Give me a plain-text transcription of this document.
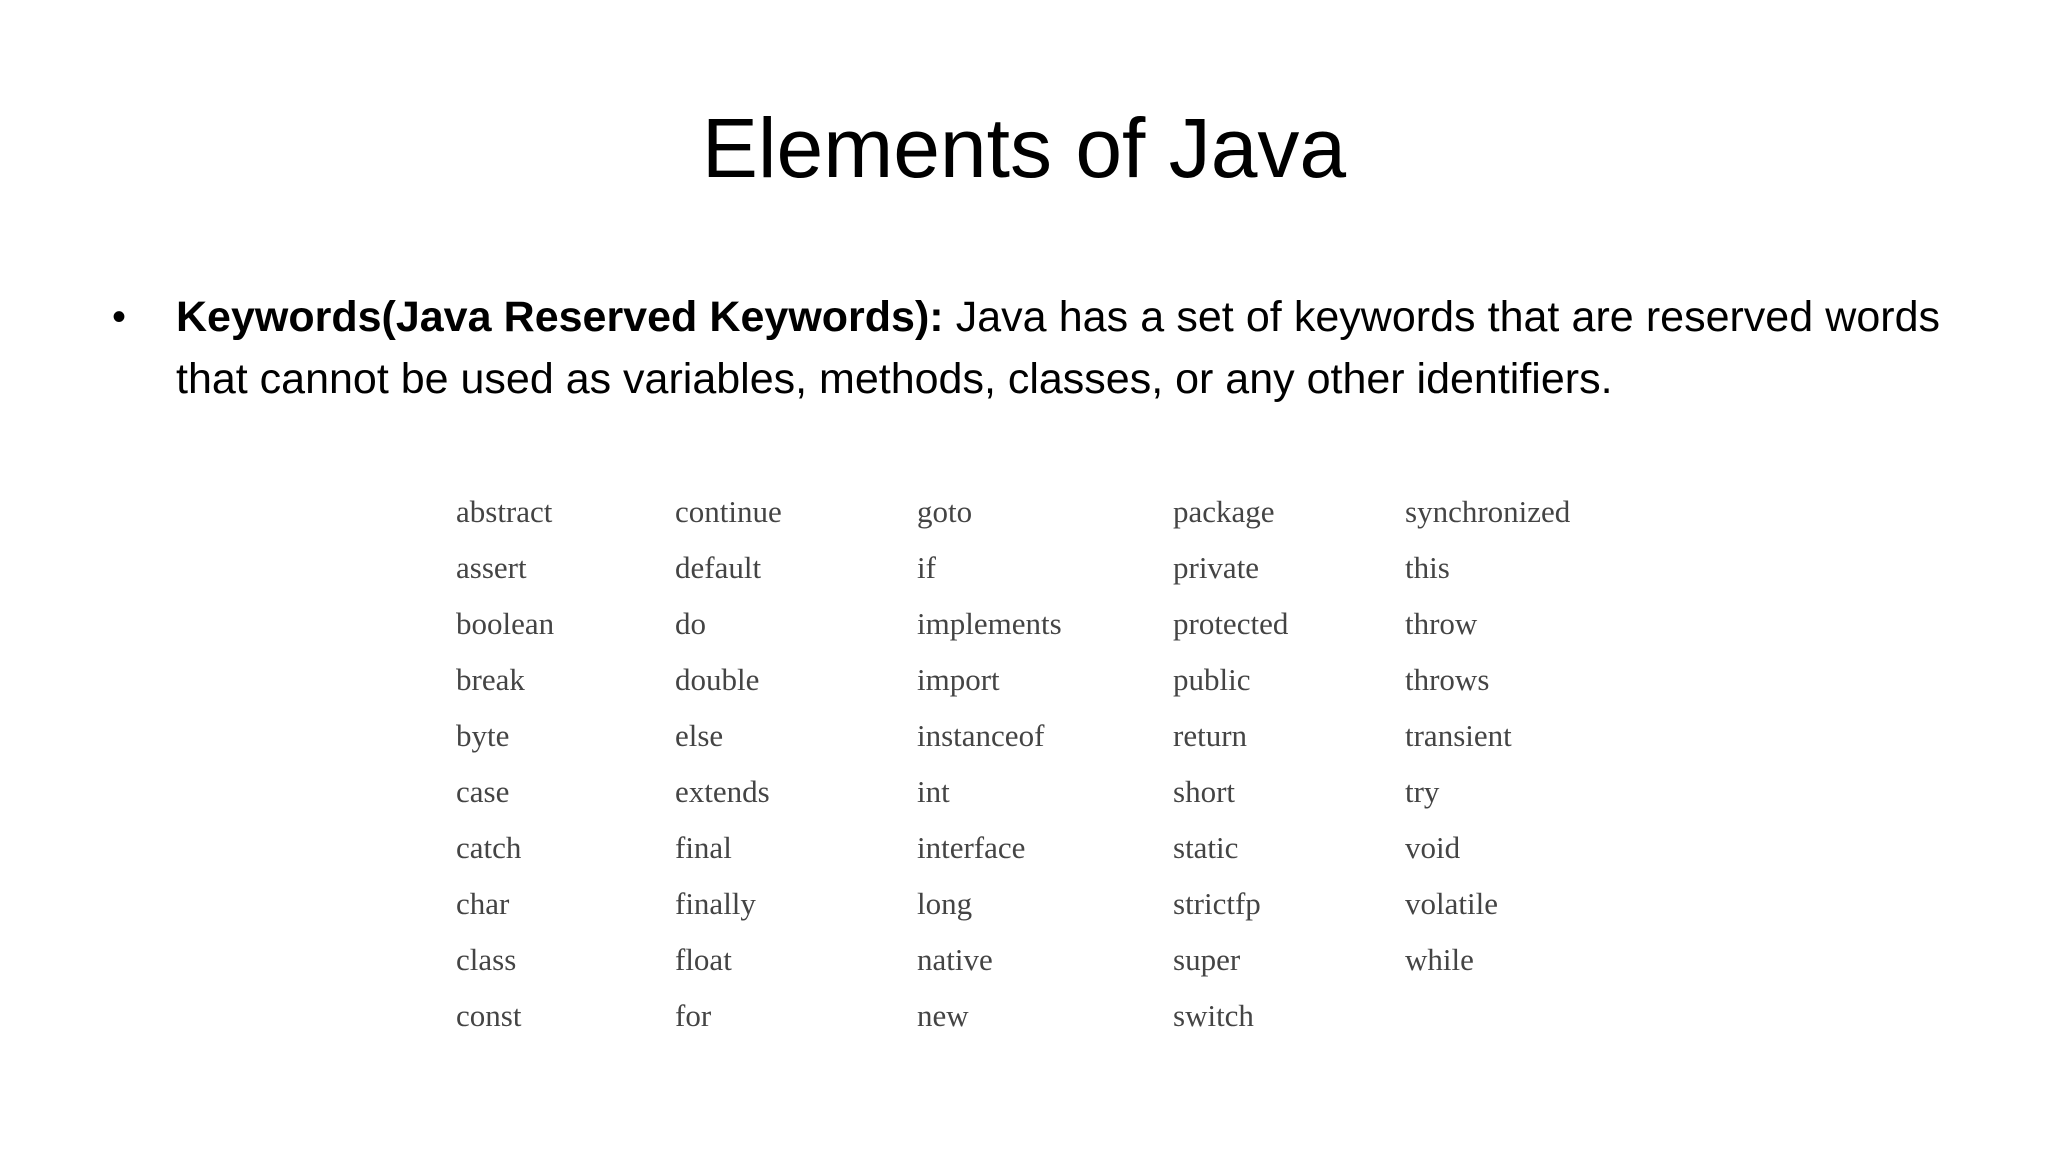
Elements of Java
•	Keywords(Java Reserved Keywords): Java has a set of keywords that are reserved words that cannot be used as variables, methods, classes, or any other identifiers.
abstract
assert
boolean
break
byte
case
catch
char
class
const
continue
default
do
double
else
extends
final
finally
float
for
goto
if
implements
import
instanceof
int
interface
long
native
new
package
private
protected
public
return
short
static
strictfp
super
switch
synchronized
this
throw
throws
transient
try
void
volatile
while
